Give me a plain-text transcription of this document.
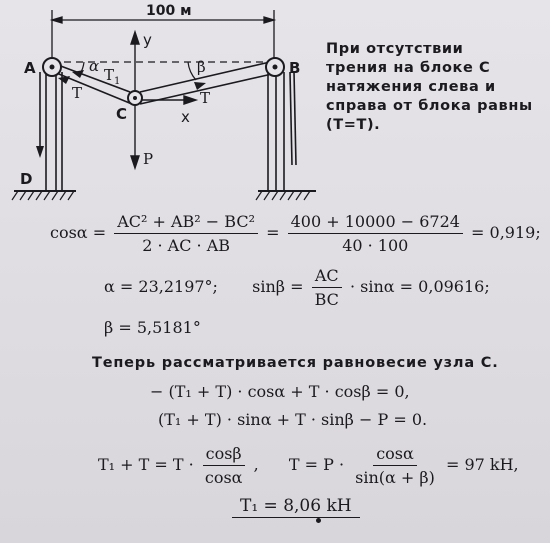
100 м
y
x
A	B
C
D
α	β
$T_1$
T	T
P
При отсутствии
трения на блоке C
натяжения слева и
справа от блока равны
(T=T).
$\cos\alpha = \frac{\text{AC² + AB² − BC²}}{2 \cdot AC \cdot AB} = \frac{400 + 10000 - 6724}{40 \cdot 100} = 0,919$;
α = 23,2197°; $\sin\beta = \frac{AC}{BC} \cdot \sin\alpha = 0,09616$;
β = 5,5181°
Теперь рассматривается равновесие узла C.
− (T₁ + T) · cosα + T · cosβ = 0,
(T₁ + T) · sinα + T · sinβ − P = 0.
$T_1 + T = T \cdot \frac{\cos\beta}{\cos\alpha}$ , $T = P \cdot \frac{\cos\alpha}{\sin(\alpha + \beta)} = 97$ kH,
T₁ = 8,06 kH
